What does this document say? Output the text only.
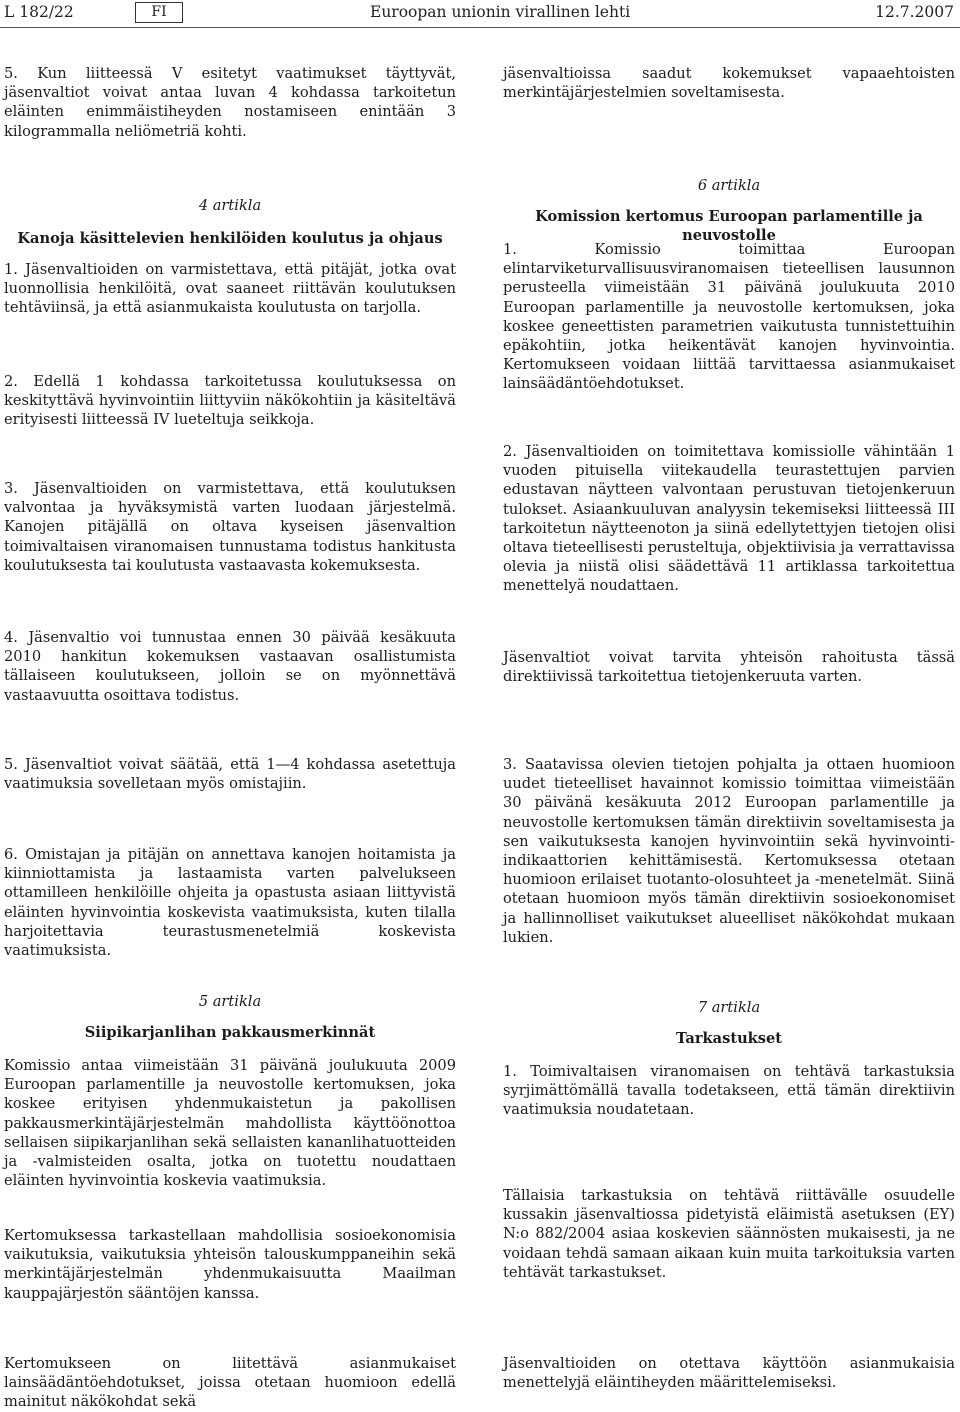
L 182/22	FI	Euroopan unionin virallinen lehti	12.7.2007

5. Kun liitteessä V esitetyt vaatimukset täyttyvät, jäsenvaltiot voivat antaa luvan 4 kohdassa tarkoitetun eläinten enimmäistiheyden nostamiseen enintään 3 kilogrammalla neliömetriä kohti.

4 artikla

Kanoja käsittelevien henkilöiden koulutus ja ohjaus

1. Jäsenvaltioiden on varmistettava, että pitäjät, jotka ovat luonnollisia henkilöitä, ovat saaneet riittävän koulutuksen tehtäviinsä, ja että asianmukaista koulutusta on tarjolla.

2. Edellä 1 kohdassa tarkoitetussa koulutuksessa on keskityttävä hyvinvointiin liittyviin näkökohtiin ja käsiteltävä erityisesti liitteessä IV lueteltuja seikkoja.

3. Jäsenvaltioiden on varmistettava, että koulutuksen valvontaa ja hyväksymistä varten luodaan järjestelmä. Kanojen pitäjällä on oltava kyseisen jäsenvaltion toimivaltaisen viranomaisen tunnustama todistus hankitusta koulutuksesta tai koulutusta vastaavasta kokemuksesta.

4. Jäsenvaltio voi tunnustaa ennen 30 päivää kesäkuuta 2010 hankitun kokemuksen vastaavan osallistumista tällaiseen koulutukseen, jolloin se on myönnettävä vastaavuutta osoittava todistus.

5. Jäsenvaltiot voivat säätää, että 1—4 kohdassa asetettuja vaatimuksia sovelletaan myös omistajiin.

6. Omistajan ja pitäjän on annettava kanojen hoitamista ja kiinniottamista ja lastaamista varten palvelukseen ottamilleen henkilöille ohjeita ja opastusta asiaan liittyvistä eläinten hyvinvointia koskevista vaatimuksista, kuten tilalla harjoitettavia teurastusmenetelmiä koskevista vaatimuksista.

5 artikla

Siipikarjanlihan pakkausmerkinnät

Komissio antaa viimeistään 31 päivänä joulukuuta 2009 Euroopan parlamentille ja neuvostolle kertomuksen, joka koskee erityisen yhdenmukaistetun ja pakollisen pakkausmerkintäjärjestelmän mahdollista käyttöönottoa sellaisen siipikarjanlihan sekä sellaisten kananlihatuotteiden ja -valmisteiden osalta, jotka on tuotettu noudattaen eläinten hyvinvointia koskevia vaatimuksia.

Kertomuksessa tarkastellaan mahdollisia sosioekonomisia vaikutuksia, vaikutuksia yhteisön talouskumppaneihin sekä merkintäjärjestelmän yhdenmukaisuutta Maailman kauppajärjestön sääntöjen kanssa.

Kertomukseen on liitettävä asianmukaiset lainsäädäntöehdotukset, joissa otetaan huomioon edellä mainitut näkökohdat sekä

jäsenvaltioissa saadut kokemukset vapaaehtoisten merkintäjärjestelmien soveltamisesta.

6 artikla

Komission kertomus Euroopan parlamentille ja neuvostolle

1. Komissio toimittaa Euroopan elintarviketurvallisuusviranomaisen tieteellisen lausunnon perusteella viimeistään 31 päivänä joulukuuta 2010 Euroopan parlamentille ja neuvostolle kertomuksen, joka koskee geneettisten parametrien vaikutusta tunnistettuihin epäkohtiin, jotka heikentävät kanojen hyvinvointia. Kertomukseen voidaan liittää tarvittaessa asianmukaiset lainsäädäntöehdotukset.

2. Jäsenvaltioiden on toimitettava komissiolle vähintään 1 vuoden pituisella viitekaudella teurastettujen parvien edustavan näytteen valvontaan perustuvan tietojenkeruun tulokset. Asiaankuuluvan analyysin tekemiseksi liitteessä III tarkoitetun näytteenoton ja siinä edellytettyjen tietojen olisi oltava tieteellisesti perusteltuja, objektiivisia ja verrattavissa olevia ja niistä olisi säädettävä 11 artiklassa tarkoitettua menettelyä noudattaen.

Jäsenvaltiot voivat tarvita yhteisön rahoitusta tässä direktiivissä tarkoitettua tietojenkeruuta varten.

3. Saatavissa olevien tietojen pohjalta ja ottaen huomioon uudet tieteelliset havainnot komissio toimittaa viimeistään 30 päivänä kesäkuuta 2012 Euroopan parlamentille ja neuvostolle kertomuksen tämän direktiivin soveltamisesta ja sen vaikutuksesta kanojen hyvinvointiin sekä hyvinvointi-indikaattorien kehittämisestä. Kertomuksessa otetaan huomioon erilaiset tuotanto-olosuhteet ja -menetelmät. Siinä otetaan huomioon myös tämän direktiivin sosioekonomiset ja hallinnolliset vaikutukset alueelliset näkökohdat mukaan lukien.

7 artikla

Tarkastukset

1. Toimivaltaisen viranomaisen on tehtävä tarkastuksia syrjimättömällä tavalla todetakseen, että tämän direktiivin vaatimuksia noudatetaan.

Tällaisia tarkastuksia on tehtävä riittävälle osuudelle kussakin jäsenvaltiossa pidetyistä eläimistä asetuksen (EY) N:o 882/2004 asiaa koskevien säännösten mukaisesti, ja ne voidaan tehdä samaan aikaan kuin muita tarkoituksia varten tehtävät tarkastukset.

Jäsenvaltioiden on otettava käyttöön asianmukaisia menettelyjä eläintiheyden määrittelemiseksi.
